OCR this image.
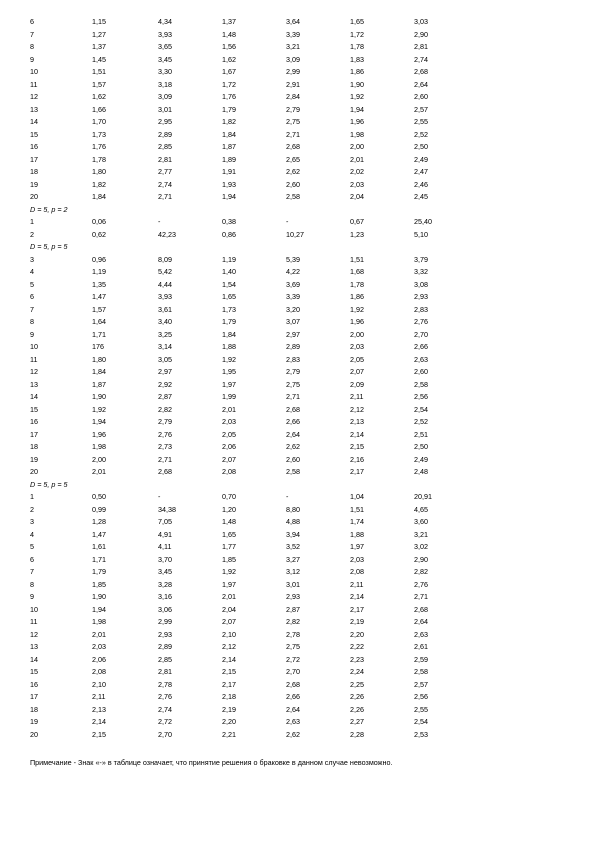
6	1,15	4,34	1,37	3,64	1,65	3,03
7	1,27	3,93	1,48	3,39	1,72	2,90
8	1,37	3,65	1,56	3,21	1,78	2,81
9	1,45	3,45	1,62	3,09	1,83	2,74
10	1,51	3,30	1,67	2,99	1,86	2,68
11	1,57	3,18	1,72	2,91	1,90	2,64
12	1,62	3,09	1,76	2,84	1,92	2,60
13	1,66	3,01	1,79	2,79	1,94	2,57
14	1,70	2,95	1,82	2,75	1,96	2,55
15	1,73	2,89	1,84	2,71	1,98	2,52
16	1,76	2,85	1,87	2,68	2,00	2,50
17	1,78	2,81	1,89	2,65	2,01	2,49
18	1,80	2,77	1,91	2,62	2,02	2,47
19	1,82	2,74	1,93	2,60	2,03	2,46
20	1,84	2,71	1,94	2,58	2,04	2,45
D = 5, p = 2
1	0,06	-	0,38	-	0,67	25,40
2	0,62	42,23	0,86	10,27	1,23	5,10
D = 5, p = 5
3	0,96	8,09	1,19	5,39	1,51	3,79
4	1,19	5,42	1,40	4,22	1,68	3,32
5	1,35	4,44	1,54	3,69	1,78	3,08
6	1,47	3,93	1,65	3,39	1,86	2,93
7	1,57	3,61	1,73	3,20	1,92	2,83
8	1,64	3,40	1,79	3,07	1,96	2,76
9	1,71	3,25	1,84	2,97	2,00	2,70
10	176	3,14	1,88	2,89	2,03	2,66
11	1,80	3,05	1,92	2,83	2,05	2,63
12	1,84	2,97	1,95	2,79	2,07	2,60
13	1,87	2,92	1,97	2,75	2,09	2,58
14	1,90	2,87	1,99	2,71	2,11	2,56
15	1,92	2,82	2,01	2,68	2,12	2,54
16	1,94	2,79	2,03	2,66	2,13	2,52
17	1,96	2,76	2,05	2,64	2,14	2,51
18	1,98	2,73	2,06	2,62	2,15	2,50
19	2,00	2,71	2,07	2,60	2,16	2,49
20	2,01	2,68	2,08	2,58	2,17	2,48
D = 5, p = 5
1	0,50	-	0,70	-	1,04	20,91
2	0,99	34,38	1,20	8,80	1,51	4,65
3	1,28	7,05	1,48	4,88	1,74	3,60
4	1,47	4,91	1,65	3,94	1,88	3,21
5	1,61	4,11	1,77	3,52	1,97	3,02
6	1,71	3,70	1,85	3,27	2,03	2,90
7	1,79	3,45	1,92	3,12	2,08	2,82
8	1,85	3,28	1,97	3,01	2,11	2,76
9	1,90	3,16	2,01	2,93	2,14	2,71
10	1,94	3,06	2,04	2,87	2,17	2,68
11	1,98	2,99	2,07	2,82	2,19	2,64
12	2,01	2,93	2,10	2,78	2,20	2,63
13	2,03	2,89	2,12	2,75	2,22	2,61
14	2,06	2,85	2,14	2,72	2,23	2,59
15	2,08	2,81	2,15	2,70	2,24	2,58
16	2,10	2,78	2,17	2,68	2,25	2,57
17	2,11	2,76	2,18	2,66	2,26	2,56
18	2,13	2,74	2,19	2,64	2,26	2,55
19	2,14	2,72	2,20	2,63	2,27	2,54
20	2,15	2,70	2,21	2,62	2,28	2,53
Примечание - Знак «-» в таблице означает, что принятие решения о браковке в данном случае невозможно.
